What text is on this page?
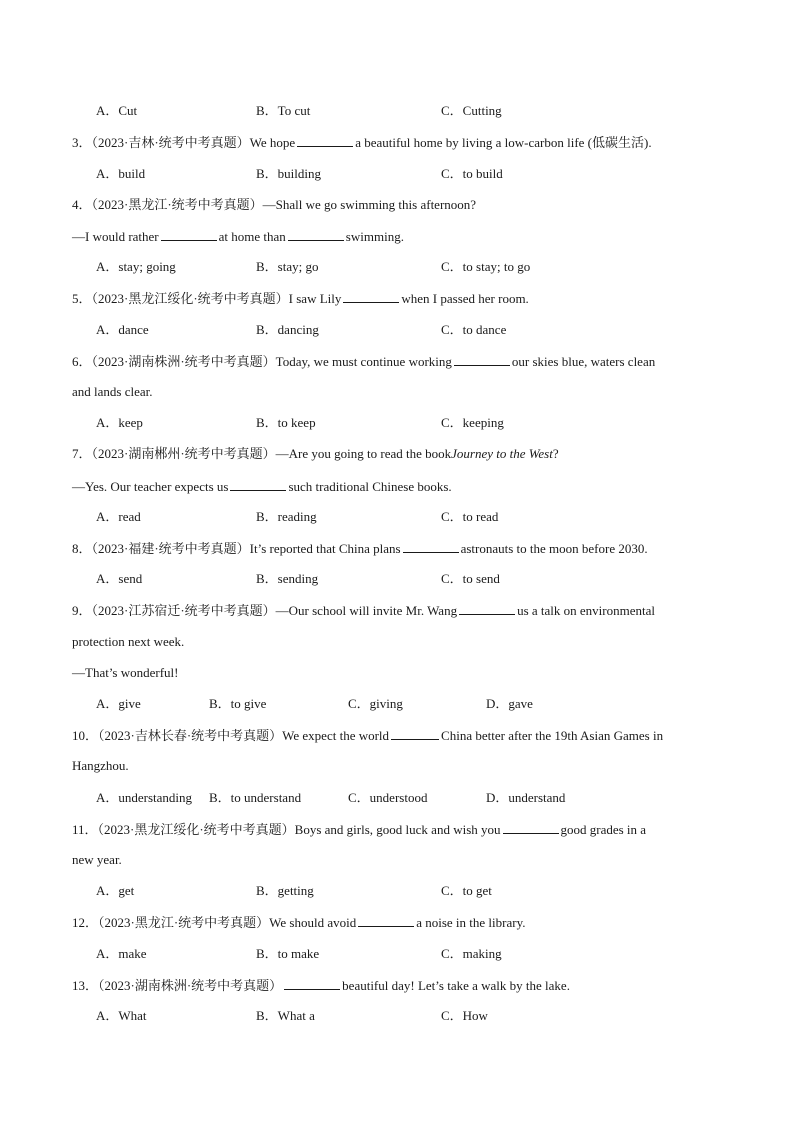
A．Cut	B．To cut	C．Cutting
3．（2023·吉林·统考中考真题）We hope	a beautiful home by living a low-carbon life (低碳生活).
A．build	B．building	C．to build
4．（2023·黑龙江·统考中考真题）—Shall we go swimming this afternoon?
—I would rather	at home than	swimming.
A．stay; going	B．stay; go	C．to stay; to go
5．（2023·黑龙江绥化·统考中考真题）I saw Lily	when I passed her room.
A．dance	B．dancing	C．to dance
6．（2023·湖南株洲·统考中考真题）Today, we must continue working	our skies blue, waters clean
and lands clear.
A．keep	B．to keep	C．keeping
7．（2023·湖南郴州·统考中考真题）—Are you going to read the bookJourney to the West?
—Yes. Our teacher expects us	such traditional Chinese books.
A．read	B．reading	C．to read
8．（2023·福建·统考中考真题）It’s reported that China plans	astronauts to the moon before 2030.
A．send	B．sending	C．to send
9．（2023·江苏宿迁·统考中考真题）—Our school will invite Mr. Wang	us a talk on environmental
protection next week.
—That’s wonderful!
A．give	B．to give	C．giving	D．gave
10．（2023·吉林长春·统考中考真题）We expect the world	China better after the 19th Asian Games in
Hangzhou.
A．understanding B．to understand	C．understood	D．understand
11．（2023·黑龙江绥化·统考中考真题）Boys and girls, good luck and wish you	good grades in a
new year.
A．get	B．getting	C．to get
12．（2023·黑龙江·统考中考真题）We should avoid	a noise in the library.
A．make	B．to make	C．making
13．（2023·湖南株洲·统考中考真题）	beautiful day! Let’s take a walk by the lake.
A．What	B．What a	C．How
